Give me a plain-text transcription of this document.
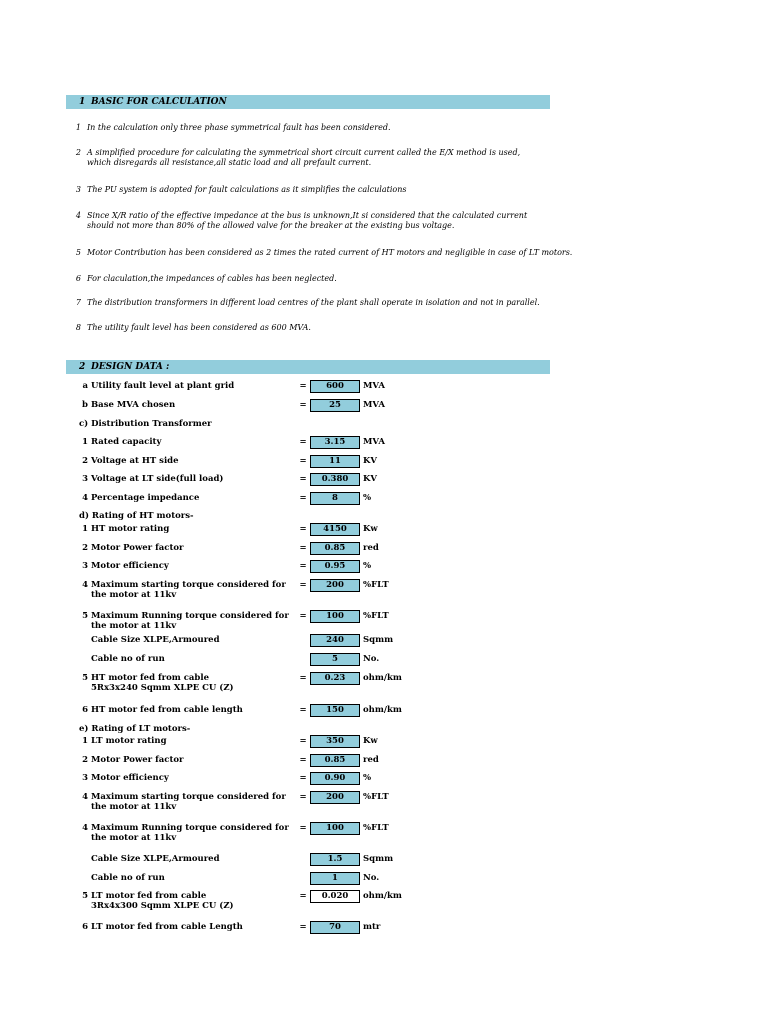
1 BASIC FOR CALCULATION
1 In the calculation only three phase symmetrical fault has been considered.
2 A simplified procedure for calculating the symmetrical short circuit current called the E/X method is used,
which disregards all resistance,all static load and all prefault current.
3 The PU system is adopted for fault calculations as it simplifies the calculations
4 Since X/R ratio of the effective impedance at the bus is unknown,It si considered that the calculated current
should not more than 80% of the allowed valve for the breaker at the existing bus voltage.
5 Motor Contribution has been considered as 2 times the rated current of HT motors and negligible in case of LT motors.
6 For claculation,the impedances of cables has been neglected.
7 The distribution transformers in different load centres of the plant shall operate in isolation and not in parallel.
8 The utility fault level has been considered as 600 MVA.
2 DESIGN DATA :
a Utility fault level at plant grid	=	600	MVA
b Base MVA chosen	=	25	MVA
c) Distribution Transformer
1 Rated capacity	=	3.15	MVA
2 Voltage at HT side	=	11	KV
3 Voltage at LT side(full load)	=	0.380	KV
4 Percentage impedance	=	8	%
d) Rating of HT motors-
1 HT motor rating	=	4150	Kw
2 Motor Power factor	=	0.85	red
3 Motor efficiency	=	0.95	%
4 Maximum starting torque considered for
the motor at 11kv
=	200	%FLT
5 Maximum Running torque considered for
the motor at 11kv
=	100	%FLT
Cable Size XLPE,Armoured	240	Sqmm
Cable no of run	5	No.
5 HT motor fed from cable
5Rx3x240 Sqmm XLPE CU (Z)
=	0.23	ohm/km
6 HT motor fed from cable length	=	150	ohm/km
e) Rating of LT motors-
1 LT motor rating	=	350	Kw
2 Motor Power factor	=	0.85	red
3 Motor efficiency	=	0.90	%
4 Maximum starting torque considered for
the motor at 11kv
=	200	%FLT
4 Maximum Running torque considered for
the motor at 11kv
=	100	%FLT
Cable Size XLPE,Armoured	1.5	Sqmm
Cable no of run	1	No.
5 LT motor fed from cable
3Rx4x300 Sqmm XLPE CU (Z)
=	0.020	ohm/km
6 LT motor fed from cable Length	=	70	mtr
